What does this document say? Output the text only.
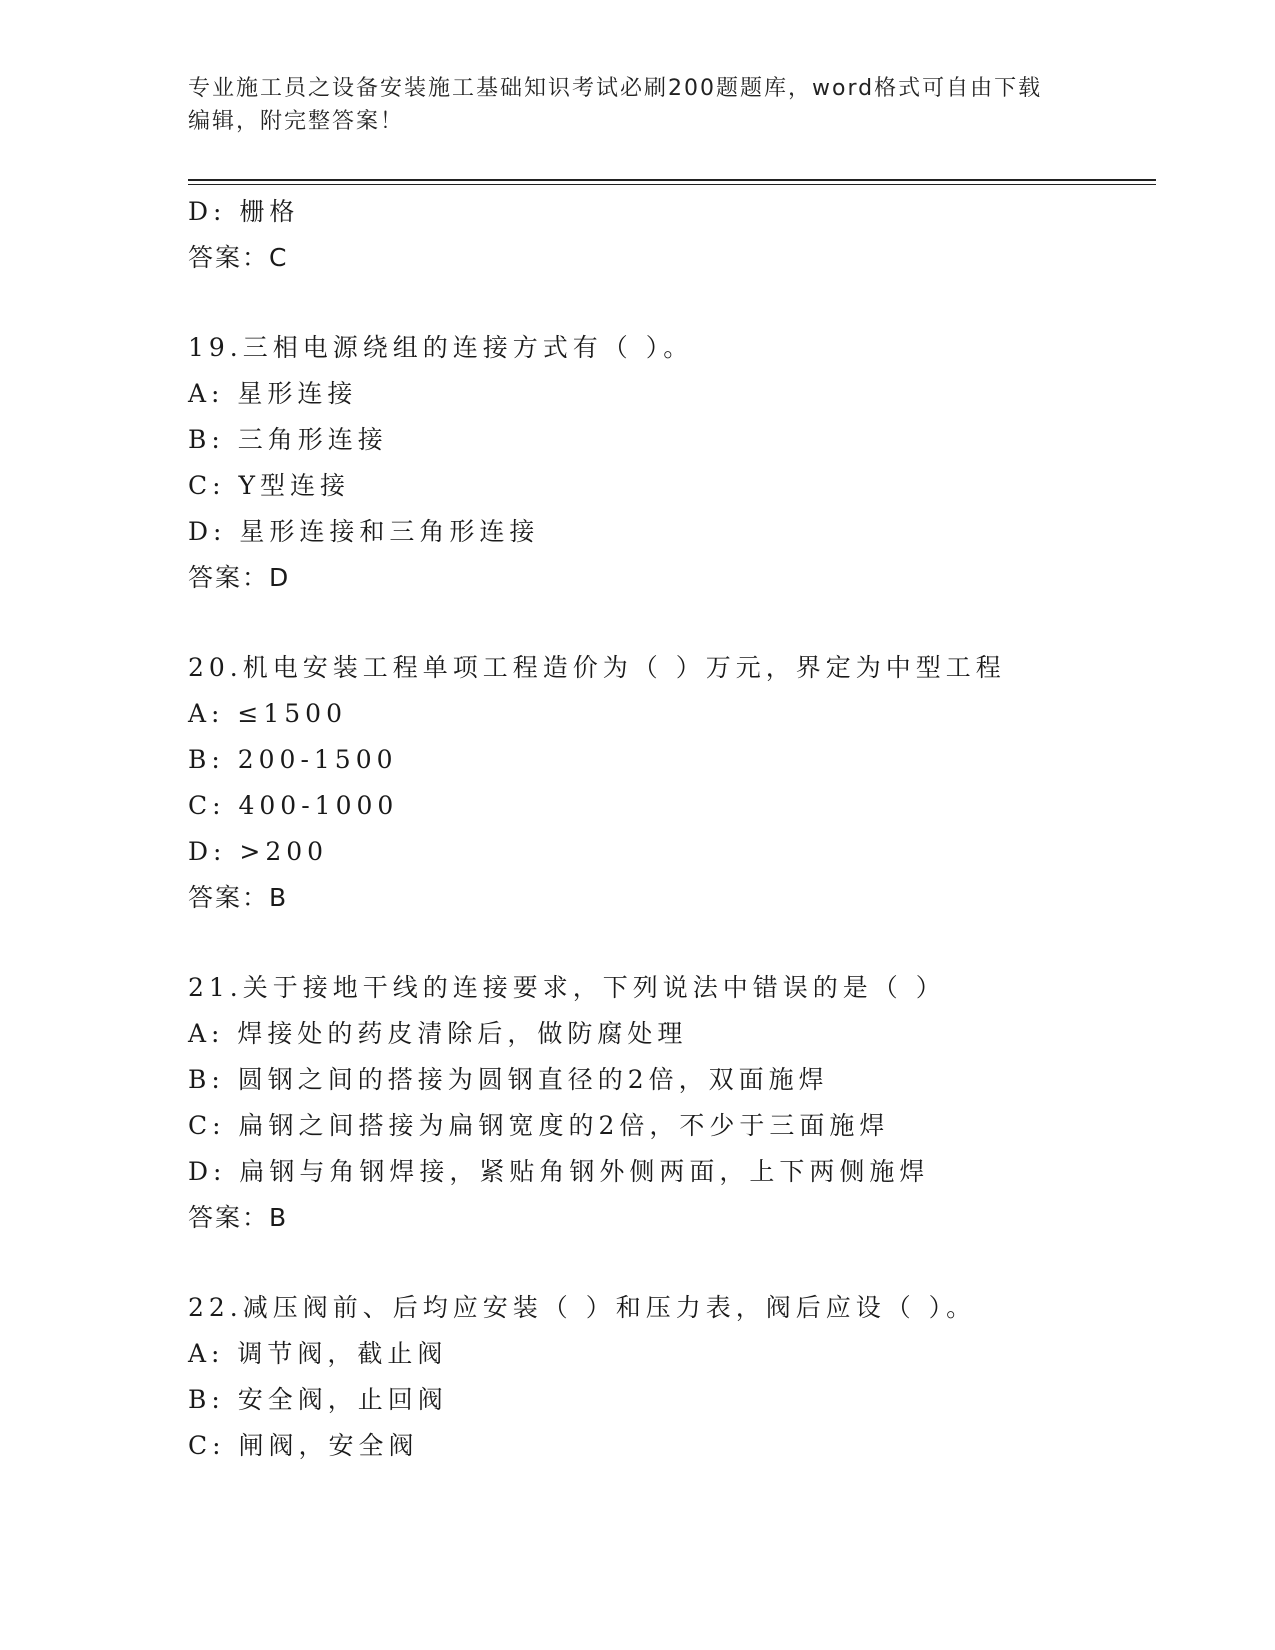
专业施工员之设备安装施工基础知识考试必刷200题题库，word格式可自由下载
编辑，附完整答案！
D: 栅格
答案：C
19.三相电源绕组的连接方式有（ ）。
A: 星形连接
B: 三角形连接
C: Y型连接
D: 星形连接和三角形连接
答案：D
20.机电安装工程单项工程造价为（ ）万元，界定为中型工程
A: ≤1500
B: 200-1500
C: 400-1000
D: >200
答案：B
21.关于接地干线的连接要求，下列说法中错误的是（ ）
A: 焊接处的药皮清除后，做防腐处理
B: 圆钢之间的搭接为圆钢直径的2倍，双面施焊
C: 扁钢之间搭接为扁钢宽度的2倍，不少于三面施焊
D: 扁钢与角钢焊接，紧贴角钢外侧两面，上下两侧施焊
答案：B
22.减压阀前、后均应安装（ ）和压力表，阀后应设（ ）。
A: 调节阀，截止阀
B: 安全阀，止回阀
C: 闸阀，安全阀
